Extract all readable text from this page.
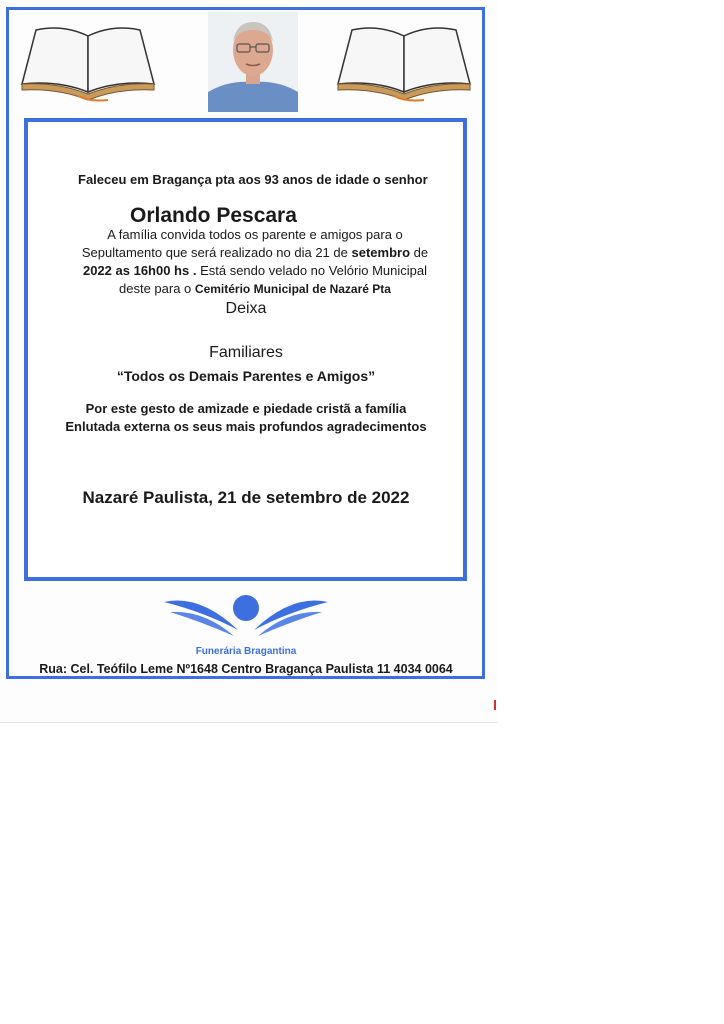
Faleceu em Bragança pta aos 93 anos de idade o senhor
Orlando Pescara
A família convida todos os parente e amigos para o
Sepultamento que será realizado no dia 21 de setembro de
2022 as 16h00 hs . Está sendo velado no Velório Municipal
deste para o Cemitério Municipal de Nazaré Pta
Deixa
Familiares
“Todos os Demais Parentes e Amigos”
Por este gesto de amizade e piedade cristã a família
Enlutada externa os seus mais profundos agradecimentos
Nazaré Paulista, 21 de setembro de 2022
Funerária Bragantina
Rua: Cel. Teófilo Leme Nº1648 Centro Bragança Paulista 11 4034 0064
